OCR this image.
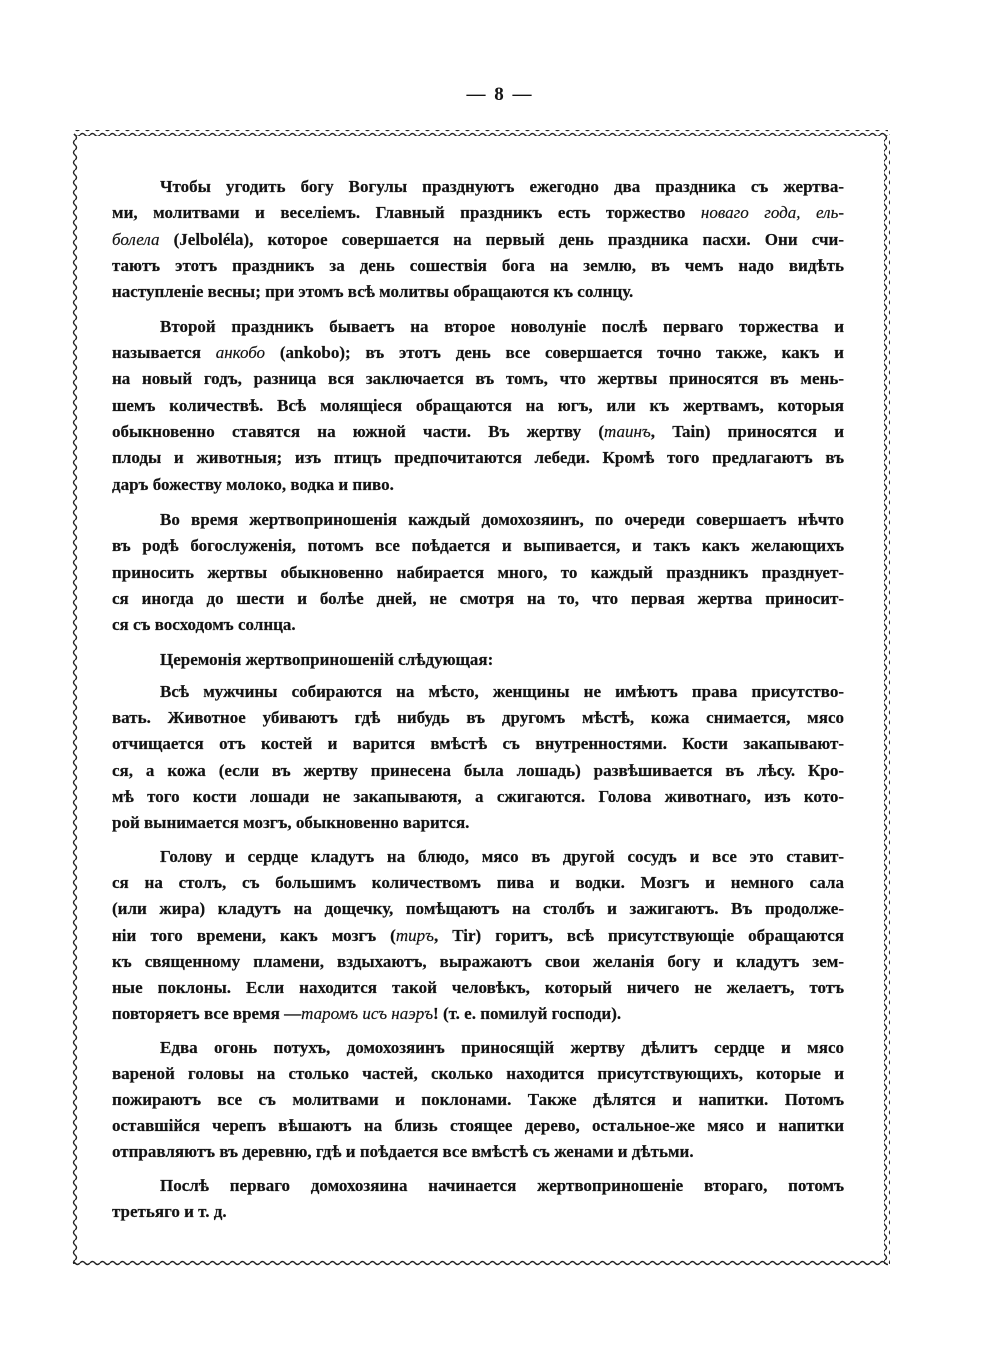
— 8 —
Чтобы угодить богу Вогулы празднуютъ ежегодно два праздника съ жертва-
ми, молитвами и веселіемъ. Главный праздникъ есть торжество новаго года, ель-
болела (Jelboléla), которое совершается на первый день праздника пасхи. Они счи-
таютъ этотъ праздникъ за день сошествія бога на землю, въ чемъ надо видѣть
наступленіе весны; при этомъ всѣ молитвы обращаются къ солнцу.
Второй праздникъ бываетъ на второе новолуніе послѣ перваго торжества и
называется анкобо (ankobo); въ этотъ день все совершается точно также, какъ и
на новый годъ, разница вся заключается въ томъ, что жертвы приносятся въ мень-
шемъ количествѣ. Всѣ молящіеся обращаются на югъ, или къ жертвамъ, которыя
обыкновенно ставятся на южной части. Въ жертву (таинъ, Tain) приносятся и
плоды и животныя; изъ птицъ предпочитаются лебеди. Кромѣ того предлагаютъ въ
даръ божеству молоко, водка и пиво.
Во время жертвоприношенія каждый домохозяинъ, по очереди совершаетъ нѣчто
въ родѣ богослуженія, потомъ все поѣдается и выпивается, и такъ какъ желающихъ
приносить жертвы обыкновенно набирается много, то каждый праздникъ празднует-
ся иногда до шести и болѣе дней, не смотря на то, что первая жертва приносит-
ся съ восходомъ солнца.
Церемонія жертвоприношеній слѣдующая:
Всѣ мужчины собираются на мѣсто, женщины не имѣютъ права присутство-
вать. Животное убиваютъ гдѣ нибудь въ другомъ мѣстѣ, кожа снимается, мясо
отчищается отъ костей и варится вмѣстѣ съ внутренностями. Кости закапывают-
ся, а кожа (если въ жертву принесена была лошадь) развѣшивается въ лѣсу. Кро-
мѣ того кости лошади не закапываютя, а сжигаются. Голова животнаго, изъ кото-
рой вынимается мозгъ, обыкновенно варится.
Голову и сердце кладутъ на блюдо, мясо въ другой сосудъ и все это ставит-
ся на столъ, съ большимъ количествомъ пива и водки. Мозгъ и немного сала
(или жира) кладутъ на дощечку, помѣщаютъ на столбъ и зажигаютъ. Въ продолже-
ніи того времени, какъ мозгъ (тиръ, Tir) горитъ, всѣ присутствующіе обращаются
къ священному пламени, вздыхаютъ, выражаютъ свои желанія богу и кладутъ зем-
ные поклоны. Если находится такой человѣкъ, который ничего не желаетъ, тотъ
повторяетъ все время —таромъ исъ наэръ! (т. е. помилуй господи).
Едва огонь потухъ, домохозяинъ приносящій жертву дѣлитъ сердце и мясо
вареной головы на столько частей, сколько находится присутствующихъ, которые и
пожираютъ все съ молитвами и поклонами. Также дѣлятся и напитки. Потомъ
оставшійся черепъ вѣшаютъ на близь стоящее дерево, остальное-же мясо и напитки
отправляютъ въ деревню, гдѣ и поѣдается все вмѣстѣ съ женами и дѣтьми.
Послѣ перваго домохозяина начинается жертвоприношеніе втораго, потомъ
третьяго и т. д.
